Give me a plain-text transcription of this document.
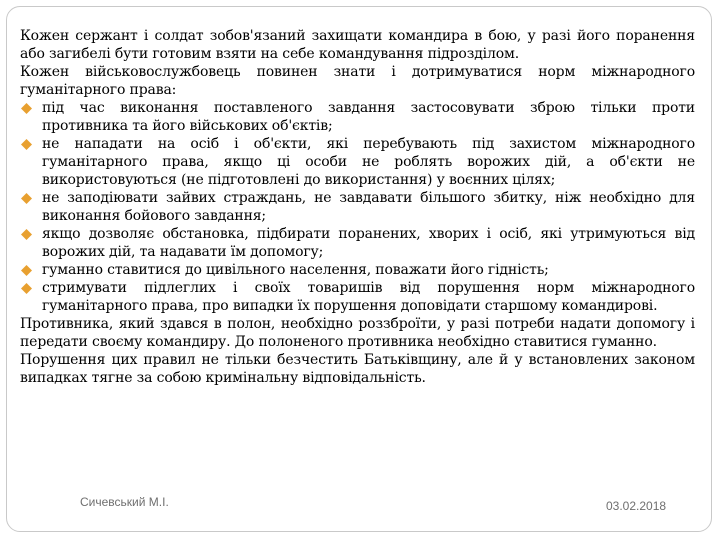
Кожен сержант і солдат зобов'язаний захищати командира в бою, у разі його поранення або загибелі бути готовим взяти на себе командування підрозділом.

Кожен військовослужбовець повинен знати і дотримуватися норм міжнародного гуманітарного права:

під час виконання поставленого завдання застосовувати зброю тільки проти противника та його військових об'єктів;
не нападати на осіб і об'єкти, які перебувають під захистом міжнародного гуманітарного права, якщо ці особи не роблять ворожих дій, а об'єкти не використовуються (не підготовлені до використання) у воєнних цілях;
не заподіювати зайвих страждань, не завдавати більшого збитку, ніж необхідно для виконання бойового завдання;
якщо дозволяє обстановка, підбирати поранених, хворих і осіб, які утримуються від ворожих дій, та надавати їм допомогу;
гуманно ставитися до цивільного населення, поважати його гідність;
стримувати підлеглих і своїх товаришів від порушення норм міжнародного гуманітарного права, про випадки їх порушення доповідати старшому командирові.

Противника, який здався в полон, необхідно роззброїти, у разі потреби надати допомогу і передати своєму командиру. До полоненого противника необхідно ставитися гуманно.

Порушення цих правил не тільки безчестить Батьківщину, але й у встановлених законом випадках тягне за собою кримінальну відповідальність.

Сичевський М.І.	03.02.2018
